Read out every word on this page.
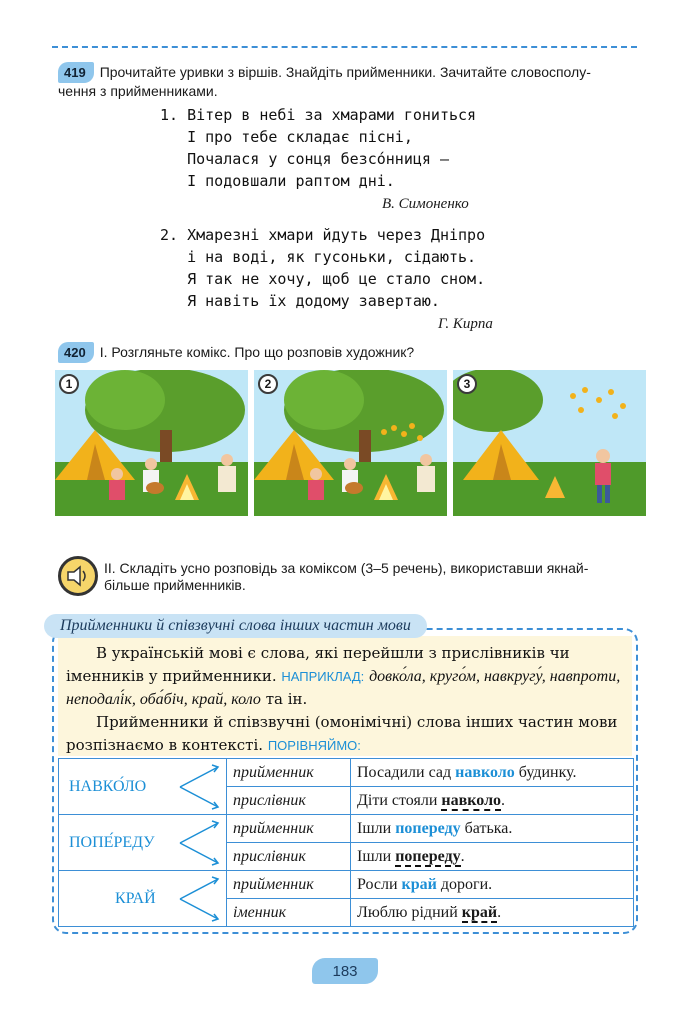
419 Прочитайте уривки з віршів. Знайдіть прийменники. Зачитайте словосполу-
чення з прийменниками.
1. Вітер в небі за хмарами гониться
І про тебе складає пісні,
Почалася у сонця безсо́нниця –
І подовшали раптом дні.
В. Симоненко
2. Хмарезні хмари йдуть через Дніпро
і на воді, як гусоньки, сідають.
Я так не хочу, щоб це стало сном.
Я навіть їх додому завертаю.
Г. Кирпа
420 І. Розгляньте комікс. Про що розповів художник?
1	2	3
ІІ. Складіть усно розповідь за коміксом (3–5 речень), використавши якнай-
більше прийменників.
Прийменники й співзвучні слова інших частин мови
В українській мові є слова, які перейшли з прислівників чи іменників у прийменники. НАПРИКЛАД: довко́ла, круго́м, навкругу́, навпроти, неподалі́к, оба́біч, край, коло та ін.
Прийменники й співзвучні (омонімічні) слова інших частин мови розпізнаємо в контексті. ПОРІВНЯЙМО:
НАВКО́ЛО	прийменник	Посадили сад навколо будинку.
	прислівник	Діти стояли навколо.
ПОПЕ́РЕДУ	прийменник	Ішли попереду батька.
	прислівник	Ішли попереду.
КРАЙ	прийменник	Росли край дороги.
	іменник	Люблю рідний край.
183
